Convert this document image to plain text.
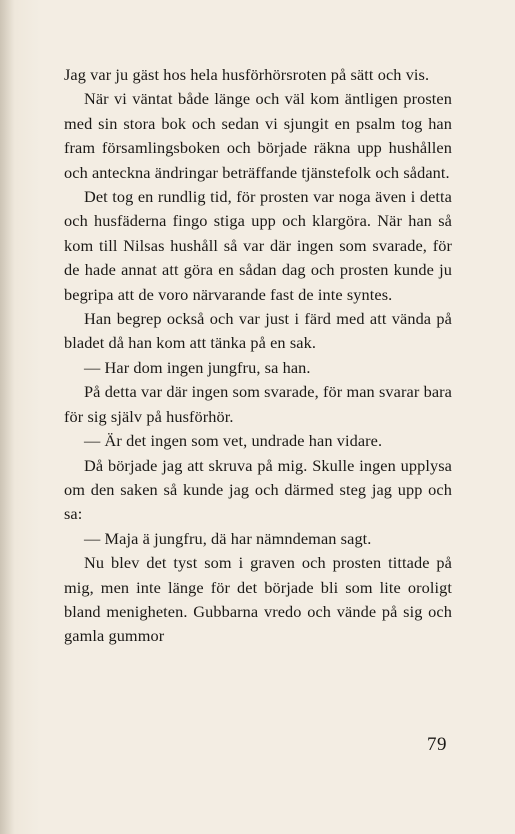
Jag var ju gäst hos hela husförhörsroten på sätt och vis.

När vi väntat både länge och väl kom äntligen prosten med sin stora bok och sedan vi sjungit en psalm tog han fram församlingsboken och började räkna upp hushållen och anteckna ändringar beträffande tjänstefolk och sådant.

Det tog en rundlig tid, för prosten var noga även i detta och husfäderna fingo stiga upp och klargöra. När han så kom till Nilsas hushåll så var där ingen som svarade, för de hade annat att göra en sådan dag och prosten kunde ju begripa att de voro närvarande fast de inte syntes.

Han begrep också och var just i färd med att vända på bladet då han kom att tänka på en sak.

— Har dom ingen jungfru, sa han.

På detta var där ingen som svarade, för man svarar bara för sig själv på husförhör.

— Är det ingen som vet, undrade han vidare.

Då började jag att skruva på mig. Skulle ingen upplysa om den saken så kunde jag och därmed steg jag upp och sa:

— Maja ä jungfru, dä har nämndeman sagt.

Nu blev det tyst som i graven och prosten tittade på mig, men inte länge för det började bli som lite oroligt bland menigheten. Gubbarna vredo och vände på sig och gamla gummor

79
